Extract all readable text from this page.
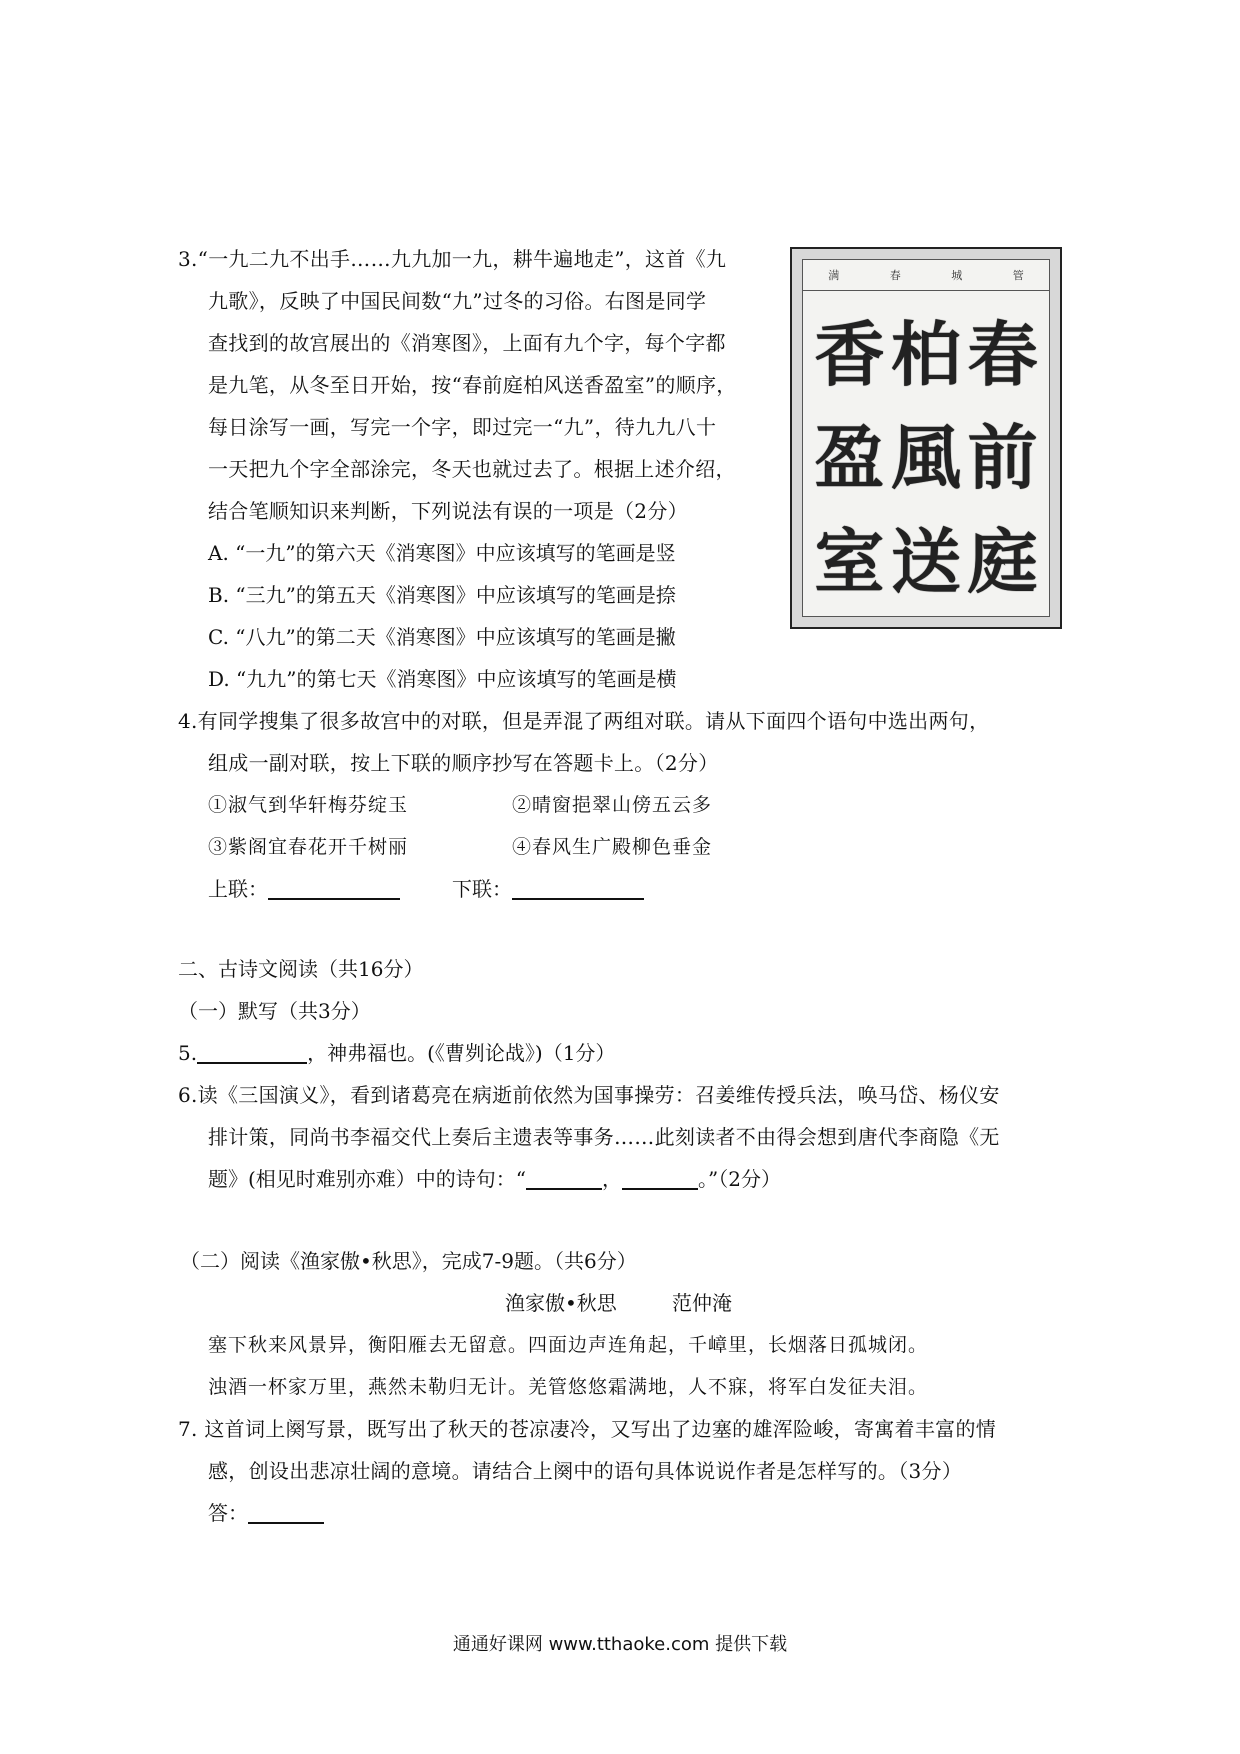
3.“一九二九不出手……九九加一九，耕牛遍地走”，这首《九
九歌》，反映了中国民间数“九”过冬的习俗。右图是同学
查找到的故宫展出的《消寒图》，上面有九个字，每个字都
是九笔，从冬至日开始，按“春前庭柏风送香盈室”的顺序，
每日涂写一画，写完一个字，即过完一“九”，待九九八十
一天把九个字全部涂完，冬天也就过去了。根据上述介绍，
结合笔顺知识来判断，下列说法有误的一项是（2分）
A. “一九”的第六天《消寒图》中应该填写的笔画是竖
B. “三九”的第五天《消寒图》中应该填写的笔画是捺
C. “八九”的第二天《消寒图》中应该填写的笔画是撇
D. “九九”的第七天《消寒图》中应该填写的笔画是横
满	春	城	管
香 柏 春
盈 風 前
室 送 庭
4.有同学搜集了很多故宫中的对联，但是弄混了两组对联。请从下面四个语句中选出两句，
组成一副对联，按上下联的顺序抄写在答题卡上。（2分）
①淑气到华轩梅芬绽玉	②晴窗挹翠山傍五云多
③紫阁宜春花开千树丽	④春风生广殿柳色垂金
上联：	下联：
二、古诗文阅读（共16分）
（一）默写（共3分）
5.	，神弗福也。(《曹刿论战》)（1分）
6.读《三国演义》，看到诸葛亮在病逝前依然为国事操劳：召姜维传授兵法，唤马岱、杨仪安
排计策，同尚书李福交代上奏后主遗表等事务……此刻读者不由得会想到唐代李商隐《无
题》(相见时难别亦难）中的诗句：“	，	。”（2分）
（二）阅读《渔家傲•秋思》，完成7-9题。（共6分）
渔家傲•秋思	范仲淹
塞下秋来风景异，衡阳雁去无留意。四面边声连角起，千嶂里，长烟落日孤城闭。
浊酒一杯家万里，燕然未勒归无计。羌管悠悠霜满地，人不寐，将军白发征夫泪。
7. 这首词上阕写景，既写出了秋天的苍凉凄冷，又写出了边塞的雄浑险峻，寄寓着丰富的情
感，创设出悲凉壮阔的意境。请结合上阕中的语句具体说说作者是怎样写的。（3分）
答：
通通好课网 www.tthaoke.com 提供下载
